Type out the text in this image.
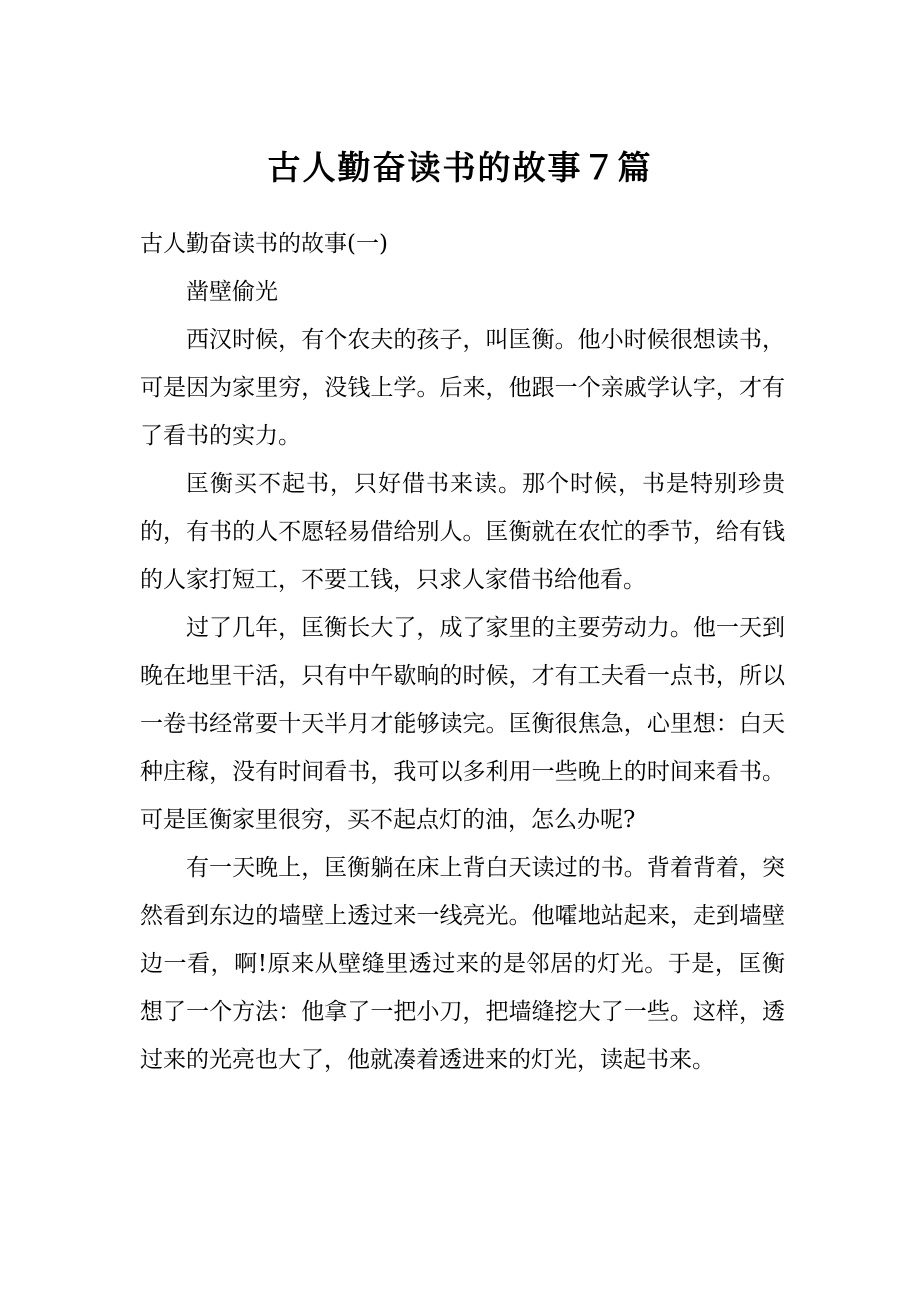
古人勤奋读书的故事７篇

古人勤奋读书的故事(一)

凿壁偷光

西汉时候，有个农夫的孩子，叫匡衡。他小时候很想读书，可是因为家里穷，没钱上学。后来，他跟一个亲戚学认字，才有了看书的实力。

匡衡买不起书，只好借书来读。那个时候，书是特别珍贵的，有书的人不愿轻易借给别人。匡衡就在农忙的季节，给有钱的人家打短工，不要工钱，只求人家借书给他看。

过了几年，匡衡长大了，成了家里的主要劳动力。他一天到晚在地里干活，只有中午歇晌的时候，才有工夫看一点书，所以一卷书经常要十天半月才能够读完。匡衡很焦急，心里想：白天种庄稼，没有时间看书，我可以多利用一些晚上的时间来看书。可是匡衡家里很穷，买不起点灯的油，怎么办呢?

有一天晚上，匡衡躺在床上背白天读过的书。背着背着，突然看到东边的墙壁上透过来一线亮光。他嚯地站起来，走到墙壁边一看，啊!原来从壁缝里透过来的是邻居的灯光。于是，匡衡想了一个方法：他拿了一把小刀，把墙缝挖大了一些。这样，透过来的光亮也大了，他就凑着透进来的灯光，读起书来。
